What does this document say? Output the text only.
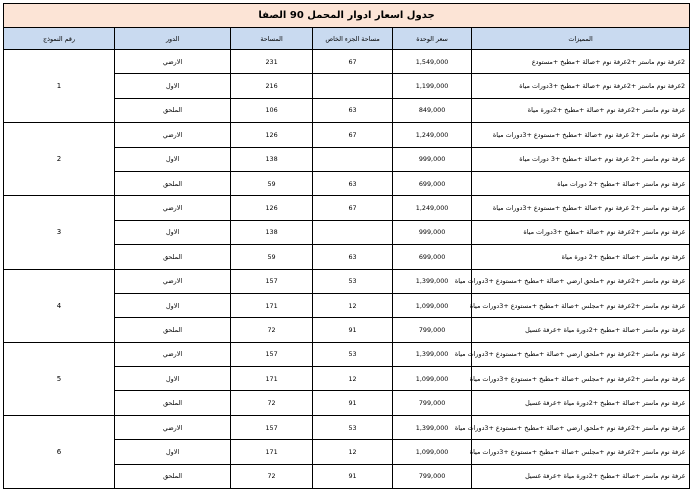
جدول اسعار ادوار المحمل 90 الصفا					
المميزات	سعر الوحدة	مساحة الجزء الخاص	المساحة	الدور	رقم النموذج
2غرفة نوم ماستر +2غرفة نوم +صالة +مطبخ +مستودع	1,549,000	67	231	الارضي	1
2غرفة نوم ماستر +2غرفة نوم +صالة +مطبخ +3دورات مياة	1,199,000		216	الاول	
غرفة نوم ماستر +2غرفة نوم +صالة +مطبخ +2دورة مياة	849,000	63	106	الملحق	
غرفة نوم ماستر +2 غرفة نوم +صالة +مطبخ +مستودع +3دورات مياة	1,249,000	67	126	الارضي	2
غرفة نوم ماستر +2 غرفة نوم +صالة +مطبخ +3 دورات مياة	999,000		138	الاول	
غرفة نوم ماستر +صالة +مطبخ +2 دورات مياة	699,000	63	59	الملحق	
غرفة نوم ماستر +2 غرفة نوم +صالة +مطبخ +مستودع +3دورات مياة	1,249,000	67	126	الارضي	3
غرفة نوم ماستر +2غرفة نوم +صالة +مطبخ +3دورات مياة	999,000		138	الاول	
غرفة نوم ماستر +صالة +مطبخ +2 دورة مياة	699,000	63	59	الملحق	
غرفة نوم ماستر +2غرفة نوم +ملحق ارضي +صالة +مطبخ +مستودع +3دورات مياة	1,399,000	53	157	الارضي	4
غرفة نوم ماستر +2غرفة نوم +مجلس +صالة +مطبخ +مستودع +3دورات مياة	1,099,000	12	171	الاول	
غرفة نوم ماستر +صالة +مطبخ +2دورة مياة +غرفة غسيل	799,000	91	72	الملحق	
غرفة نوم ماستر +2غرفة نوم +ملحق ارضي +صالة +مطبخ +مستودع +3دورات مياة	1,399,000	53	157	الارضي	5
غرفة نوم ماستر +2غرفة نوم +مجلس +صالة +مطبخ +مستودع +3دورات مياة	1,099,000	12	171	الاول	
غرفة نوم ماستر +صالة +مطبخ +2دورة مياة +غرفة غسيل	799,000	91	72	الملحق	
غرفة نوم ماستر +2غرفة نوم +ملحق ارضي +صالة +مطبخ +مستودع +3دورات مياة	1,399,000	53	157	الارضي	6
غرفة نوم ماستر +2غرفة نوم +مجلس +صالة +مطبخ +مستودع +3دورات مياة	1,099,000	12	171	الاول	
غرفة نوم ماستر +صالة +مطبخ +2دورة مياة +غرفة غسيل	799,000	91	72	الملحق	
